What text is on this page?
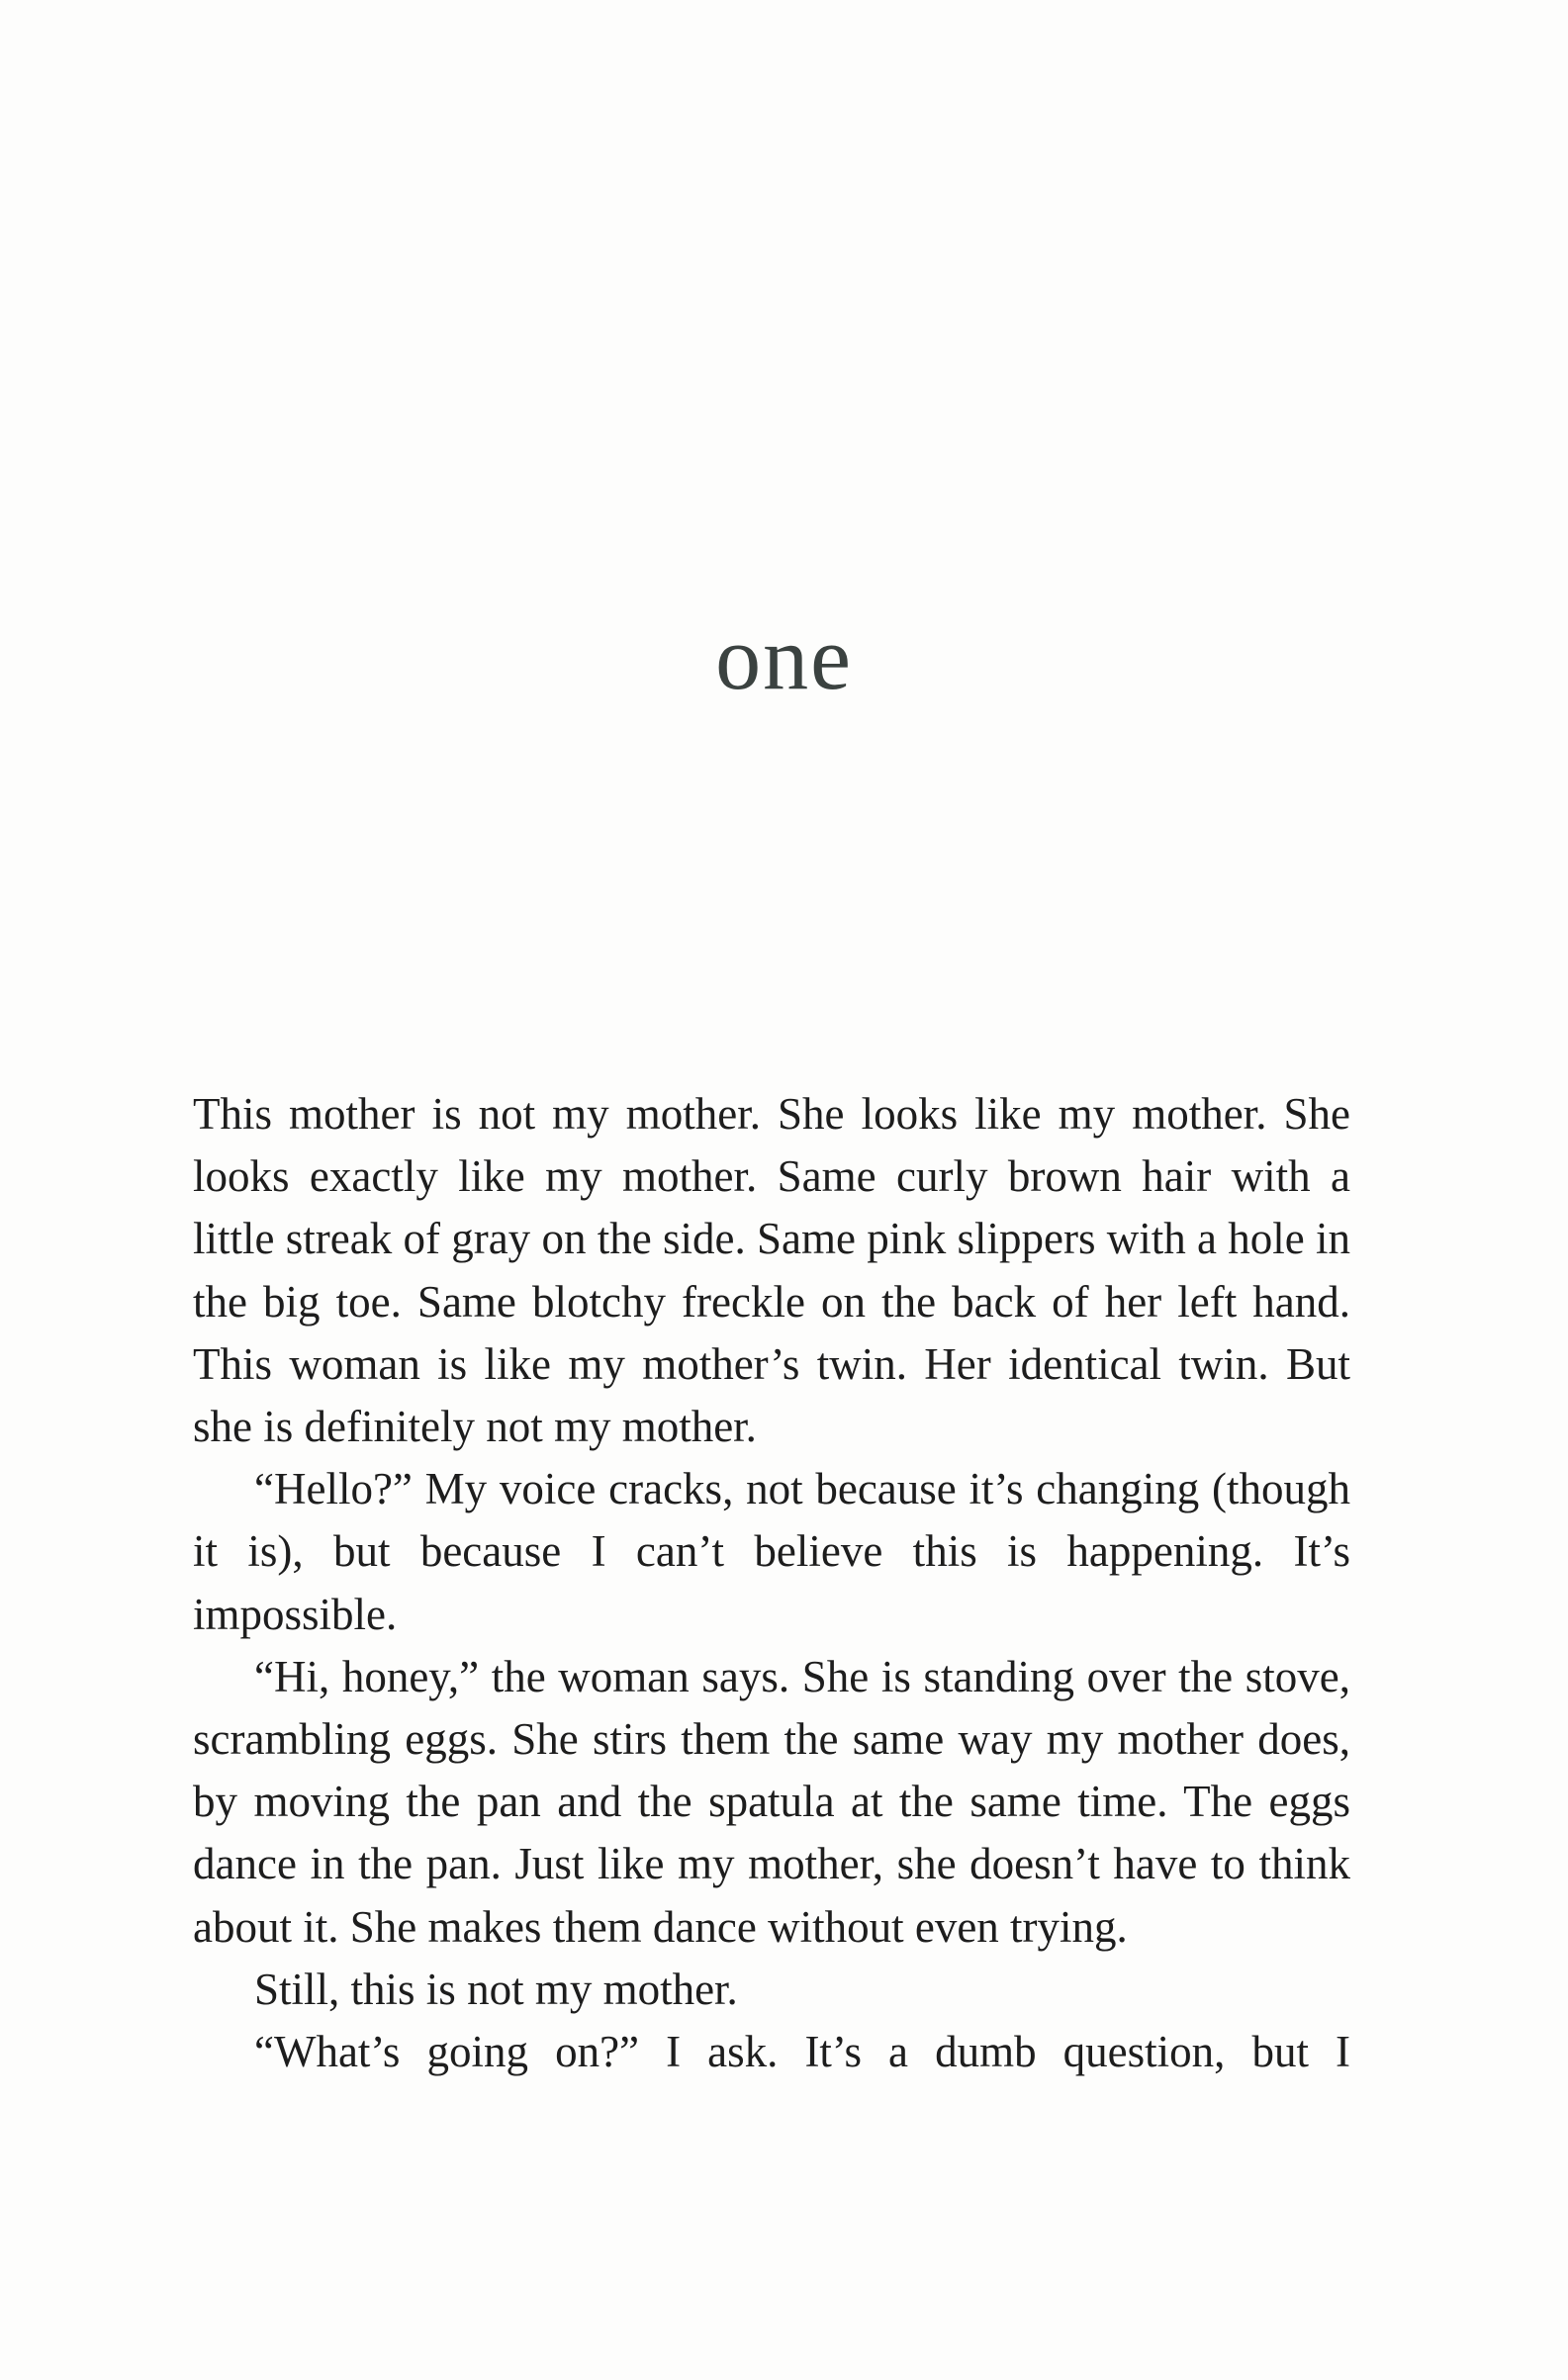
one

This mother is not my mother. She looks like my mother. She looks exactly like my mother. Same curly brown hair with a little streak of gray on the side. Same pink slippers with a hole in the big toe. Same blotchy freckle on the back of her left hand. This woman is like my mother’s twin. Her identical twin. But she is definitely not my mother.

“Hello?” My voice cracks, not because it’s changing (though it is), but because I can’t believe this is happening. It’s impossible.

“Hi, honey,” the woman says. She is standing over the stove, scrambling eggs. She stirs them the same way my mother does, by moving the pan and the spatula at the same time. The eggs dance in the pan. Just like my mother, she doesn’t have to think about it. She makes them dance without even trying.

Still, this is not my mother.

“What’s going on?” I ask. It’s a dumb question, but I
